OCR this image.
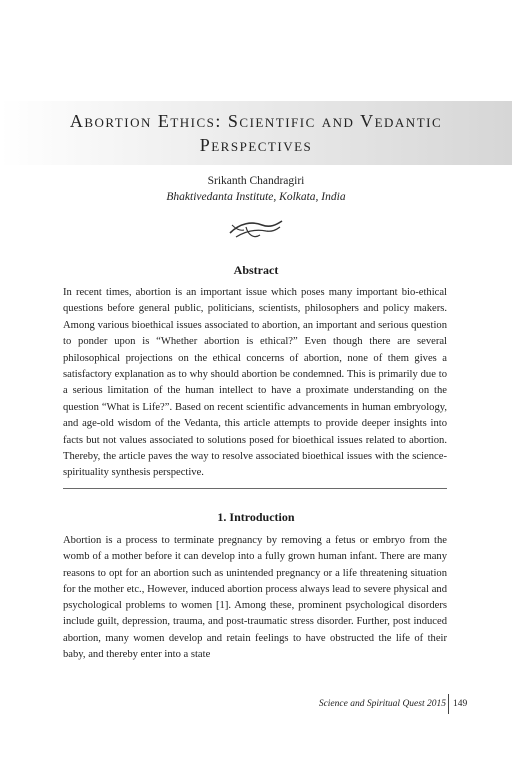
Abortion Ethics: Scientific and Vedantic
Perspectives
Srikanth Chandragiri
Bhaktivedanta Institute, Kolkata, India
Abstract
In recent times, abortion is an important issue which poses many important bio-ethical questions before general public, politicians, scientists, philosophers and policy makers. Among various bioethical issues associated to abortion, an important and serious question to ponder upon is “Whether abortion is ethical?” Even though there are several philosophical projections on the ethical concerns of abortion, none of them gives a satisfactory explanation as to why should abortion be condemned. This is primarily due to a serious limitation of the human intellect to have a proximate understanding on the question “What is Life?”. Based on recent scientific advancements in human embryology, and age-old wisdom of the Vedanta, this article attempts to provide deeper insights into facts but not values associated to solutions posed for bioethical issues related to abortion. Thereby, the article paves the way to resolve associated bioethical issues with the science-spirituality synthesis perspective.
1. Introduction
Abortion is a process to terminate pregnancy by removing a fetus or embryo from the womb of a mother before it can develop into a fully grown human infant. There are many reasons to opt for an abortion such as unintended pregnancy or a life threatening situation for the mother etc., However, induced abortion process always lead to severe physical and psychological problems to women [1]. Among these, prominent psychological disorders include guilt, depression, trauma, and post-traumatic stress disorder. Further, post induced abortion, many women develop and retain feelings to have obstructed the life of their baby, and thereby enter into a state
Science and Spiritual Quest 2015 149
